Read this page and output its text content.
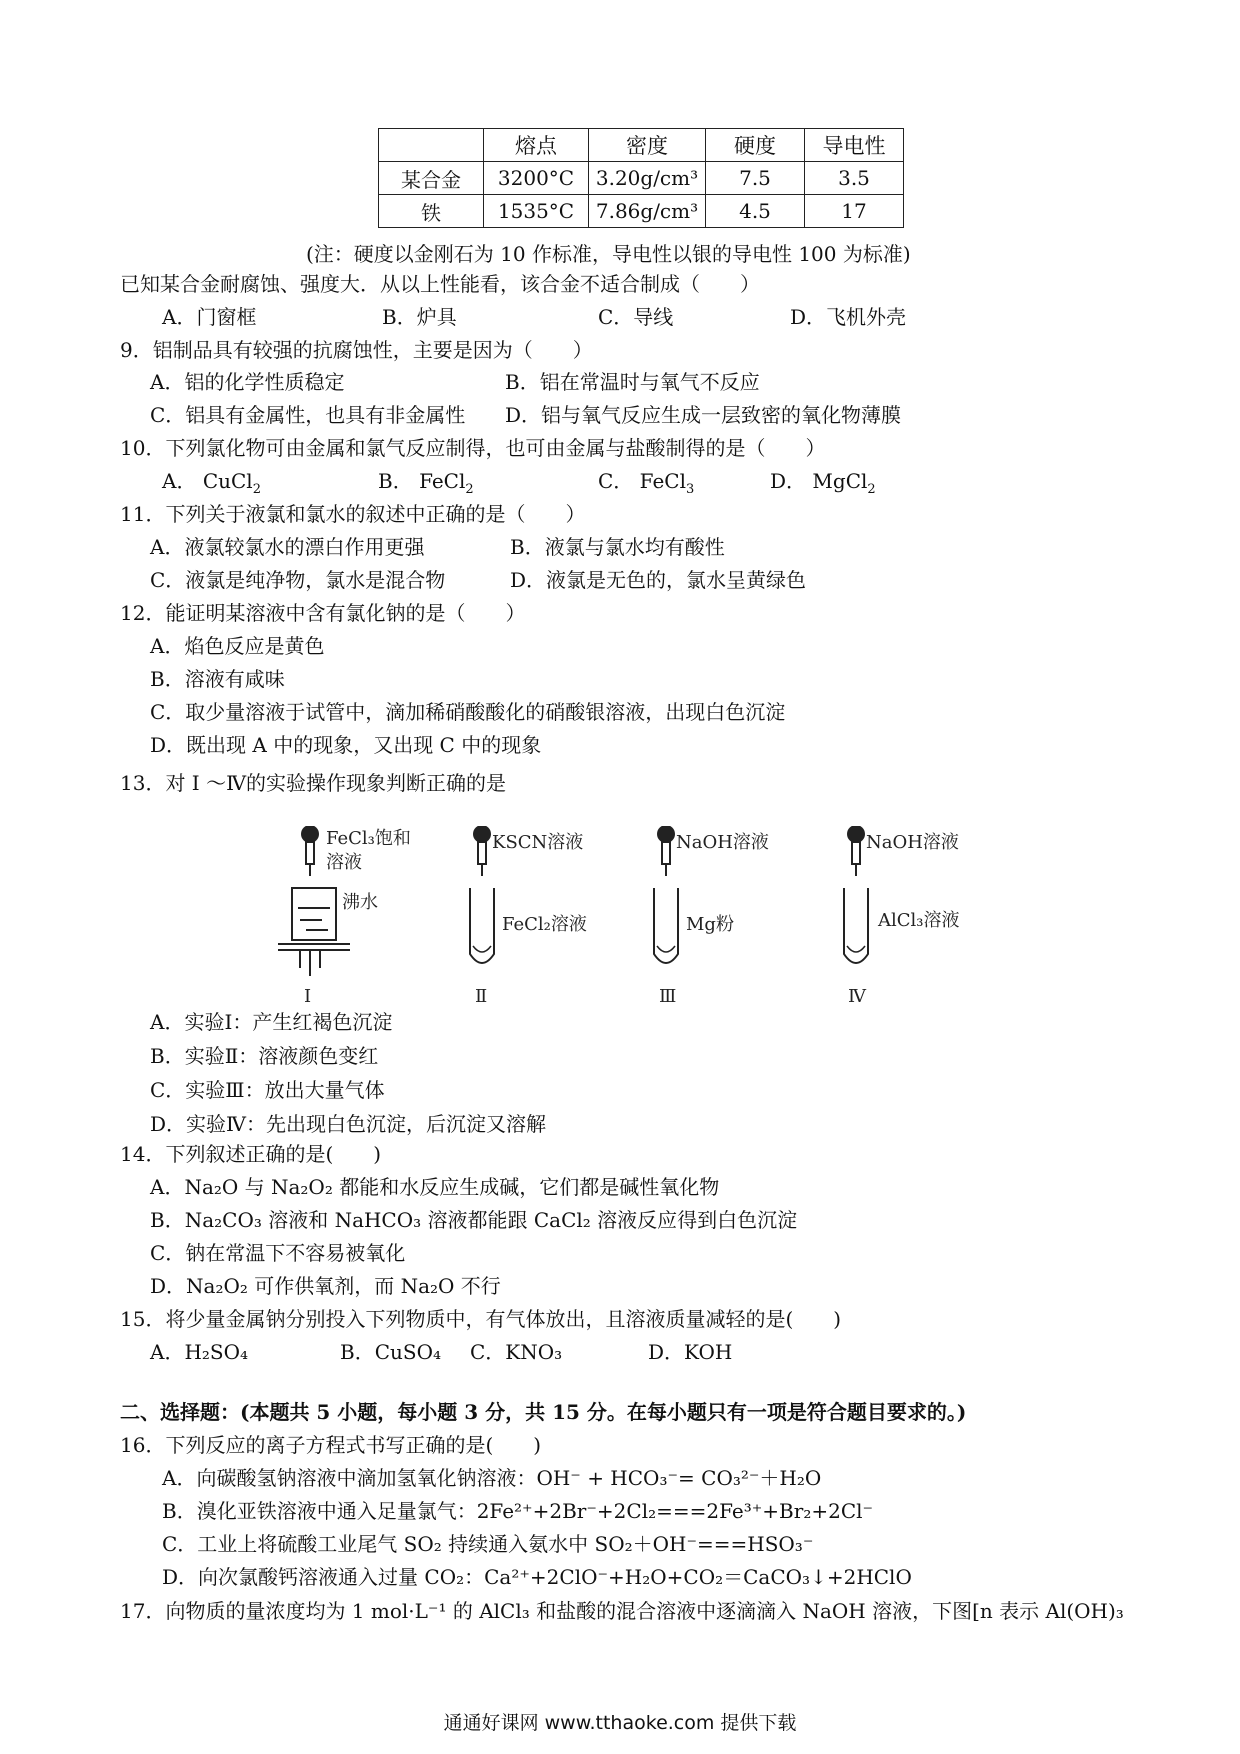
	熔点	密度	硬度	导电性
某合金	3200°C	3.20g/cm³	7.5	3.5
铁	1535°C	7.86g/cm³	4.5	17
(注：硬度以金刚石为 10 作标准，导电性以银的导电性 100 为标准)
已知某合金耐腐蚀、强度大．从以上性能看，该合金不适合制成（　　）
A．门窗框	B．炉具	C．导线	D．飞机外壳
9．铝制品具有较强的抗腐蚀性，主要是因为（　　）
A．铝的化学性质稳定	B．铝在常温时与氧气不反应
C．铝具有金属性，也具有非金属性 D．铝与氧气反应生成一层致密的氧化物薄膜
10．下列氯化物可由金属和氯气反应制得，也可由金属与盐酸制得的是（　　）
A． CuCl$_2$	B． FeCl$_2$	C． FeCl$_3$	D． MgCl$_2$
11．下列关于液氯和氯水的叙述中正确的是（　　）
A．液氯较氯水的漂白作用更强	B．液氯与氯水均有酸性
C．液氯是纯净物，氯水是混合物	D．液氯是无色的，氯水呈黄绿色
12．能证明某溶液中含有氯化钠的是（　　）
A．焰色反应是黄色
B．溶液有咸味
C．取少量溶液于试管中，滴加稀硝酸酸化的硝酸银溶液，出现白色沉淀
D．既出现 A 中的现象，又出现 C 中的现象
13．对 I ～Ⅳ的实验操作现象判断正确的是
FeCl₃饱和
溶液
沸水
I
KSCN溶液
FeCl₂溶液
Ⅱ
NaOH溶液
Mg粉
Ⅲ
NaOH溶液
AlCl₃溶液
Ⅳ
A．实验Ⅰ：产生红褐色沉淀
B．实验Ⅱ：溶液颜色变红
C．实验Ⅲ：放出大量气体
D．实验Ⅳ：先出现白色沉淀，后沉淀又溶解
14．下列叙述正确的是(　　)
A．Na₂O 与 Na₂O₂ 都能和水反应生成碱，它们都是碱性氧化物
B．Na₂CO₃ 溶液和 NaHCO₃ 溶液都能跟 CaCl₂ 溶液反应得到白色沉淀
C．钠在常温下不容易被氧化
D．Na₂O₂ 可作供氧剂，而 Na₂O 不行
15．将少量金属钠分别投入下列物质中，有气体放出，且溶液质量减轻的是(　　)
A．H₂SO₄	B．CuSO₄ C．KNO₃	D．KOH
二、选择题：(本题共 5 小题，每小题 3 分，共 15 分。在每小题只有一项是符合题目要求的。)
16．下列反应的离子方程式书写正确的是(　　)
A．向碳酸氢钠溶液中滴加氢氧化钠溶液：OH⁻ + HCO₃⁻= CO₃²⁻＋H₂O
B．溴化亚铁溶液中通入足量氯气：2Fe²⁺+2Br⁻+2Cl₂===2Fe³⁺+Br₂+2Cl⁻
C．工业上将硫酸工业尾气 SO₂ 持续通入氨水中 SO₂＋OH⁻===HSO₃⁻
D．向次氯酸钙溶液通入过量 CO₂：Ca²⁺+2ClO⁻+H₂O+CO₂＝CaCO₃↓+2HClO
17．向物质的量浓度均为 1 mol·L⁻¹ 的 AlCl₃ 和盐酸的混合溶液中逐滴滴入 NaOH 溶液，下图[n 表示 Al(OH)₃
通通好课网 www.tthaoke.com 提供下载
